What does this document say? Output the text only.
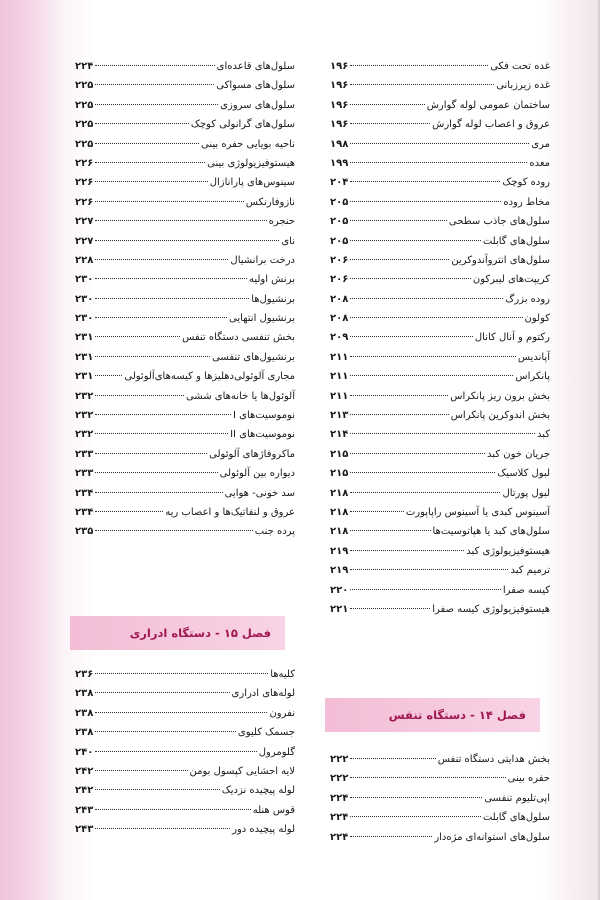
غده تحت فکی
۱۹۶
غده زیرزبانی
۱۹۶
ساختمان عمومی لوله گوارش
۱۹۶
عروق و اعصاب لوله گوارش
۱۹۶
مری
۱۹۸
معده
۱۹۹
روده کوچک
۲۰۴
مخاط روده
۲۰۵
سلول‌های جاذب سطحی
۲۰۵
سلول‌های گابلت
۲۰۵
سلول‌های انتروآندوکرین
۲۰۶
کریپت‌های لیبرکون
۲۰۶
روده بزرگ
۲۰۸
کولون
۲۰۸
رکتوم و آنال کانال
۲۰۹
آپاندیس
۲۱۱
پانکراس
۲۱۱
بخش برون ریز پانکراس
۲۱۱
بخش اندوکرین پانکراس
۲۱۳
کبد
۲۱۴
جریان خون کبد
۲۱۵
لبول کلاسیک
۲۱۵
لبول پورتال
۲۱۸
آسینوس کبدی یا آسینوس راپاپورت
۲۱۸
سلول‌های کبد یا هپاتوسیت‌ها
۲۱۸
هیستوفیزیولوژی کبد
۲۱۹
ترمیم کبد
۲۱۹
کیسه صفرا
۲۲۰
هیستوفیزیولوژی کیسه صفرا
۲۲۱
فصل ۱۴ - دستگاه تنفس
بخش هدایتی دستگاه تنفس
۲۲۲
حفره بینی
۲۲۲
اپی‌تلیوم تنفسی
۲۲۴
سلول‌های گابلت
۲۲۴
سلول‌های استوانه‌ای مژه‌دار
۲۲۴
سلول‌های قاعده‌ای
۲۲۴
سلول‌های مسواکی
۲۲۵
سلول‌های سروزی
۲۲۵
سلول‌های گرانولی کوچک
۲۲۵
ناحیه بویایی حفره بینی
۲۲۵
هیستوفیزیولوژی بینی
۲۲۶
سینوس‌های پارانازال
۲۲۶
نازوفارنکس
۲۲۶
حنجره
۲۲۷
نای
۲۲۷
درخت برانشیال
۲۲۸
برنش اولیه
۲۳۰
برنشیول‌ها
۲۳۰
برنشیول انتهایی
۲۳۰
بخش تنفسی دستگاه تنفس
۲۳۱
برنشیول‌های تنفسی
۲۳۱
مجاری آلوئولی‌دهلیزها و کیسه‌های‌آلوئولی
۲۳۱
آلوئول‌ها یا خانه‌های ششی
۲۳۲
نوموسیت‌های I
۲۳۲
نوموسیت‌های II
۲۳۲
ماکروفاژهای آلوئولی
۲۳۳
دیواره بین آلوئولی
۲۳۳
سد خونی- هوایی
۲۳۴
عروق و لنفاتیک‌ها و اعصاب ریه
۲۳۴
پرده جنب
۲۳۵
فصل ۱۵ - دستگاه ادراری
کلیه‌ها
۲۳۶
لوله‌های ادراری
۲۳۸
نفرون
۲۳۸
جسمک کلیوی
۲۳۸
گلومرول
۲۴۰
لایه احشایی کپسول بومن
۲۴۲
لوله پیچیده نزدیک
۲۴۲
قوس هنله
۲۴۳
لوله پیچیده دور
۲۴۳
